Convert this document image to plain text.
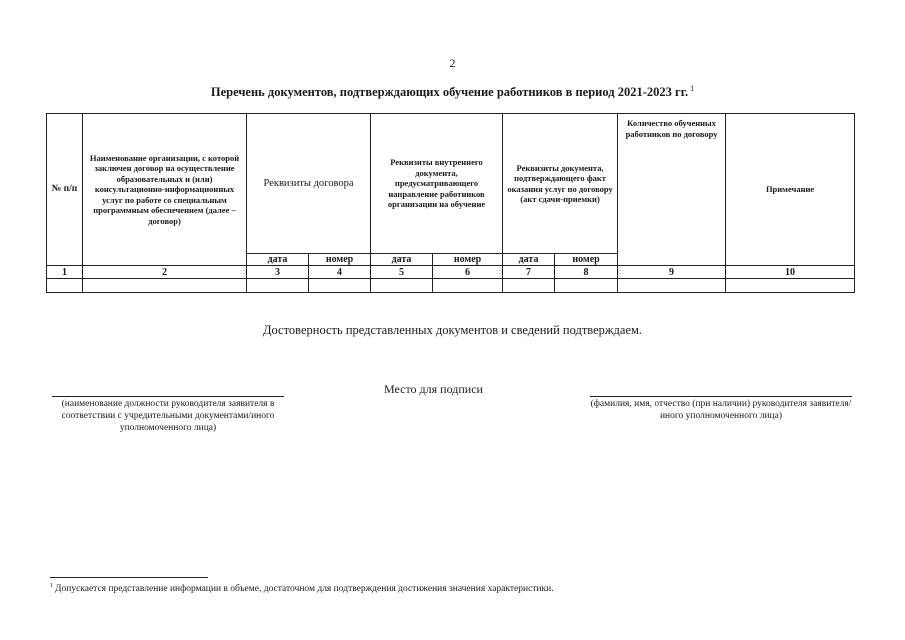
2
Перечень документов, подтверждающих обучение работников в период 2021-2023 гг. $^1$
№ п/п	Наименование организации, с которой заключен договор на осуществление образовательных и (или) консультационно-информационных услуг по работе со специальным программным обеспечением (далее – договор)	Реквизиты договора		Реквизиты внутреннего документа, предусматривающего направление работников организации на обучение		Реквизиты документа, подтверждающего факт оказания услуг по договору (акт сдачи-приемки)		Количество обученных работников по договору	Примечание
		дата	номер	дата	номер	дата	номер		
1	2	3	4	5	6	7	8	9	10

Достоверность представленных документов и сведений подтверждаем.
Место для подписи
(наименование должности руководителя заявителя в соответствии с учредительными документами/иного уполномоченного лица)
(фамилия, имя, отчество (при наличии) руководителя заявителя/иного уполномоченного лица)
$^1$ Допускается представление информации в объеме, достаточном для подтверждения достижения значения характеристики.
